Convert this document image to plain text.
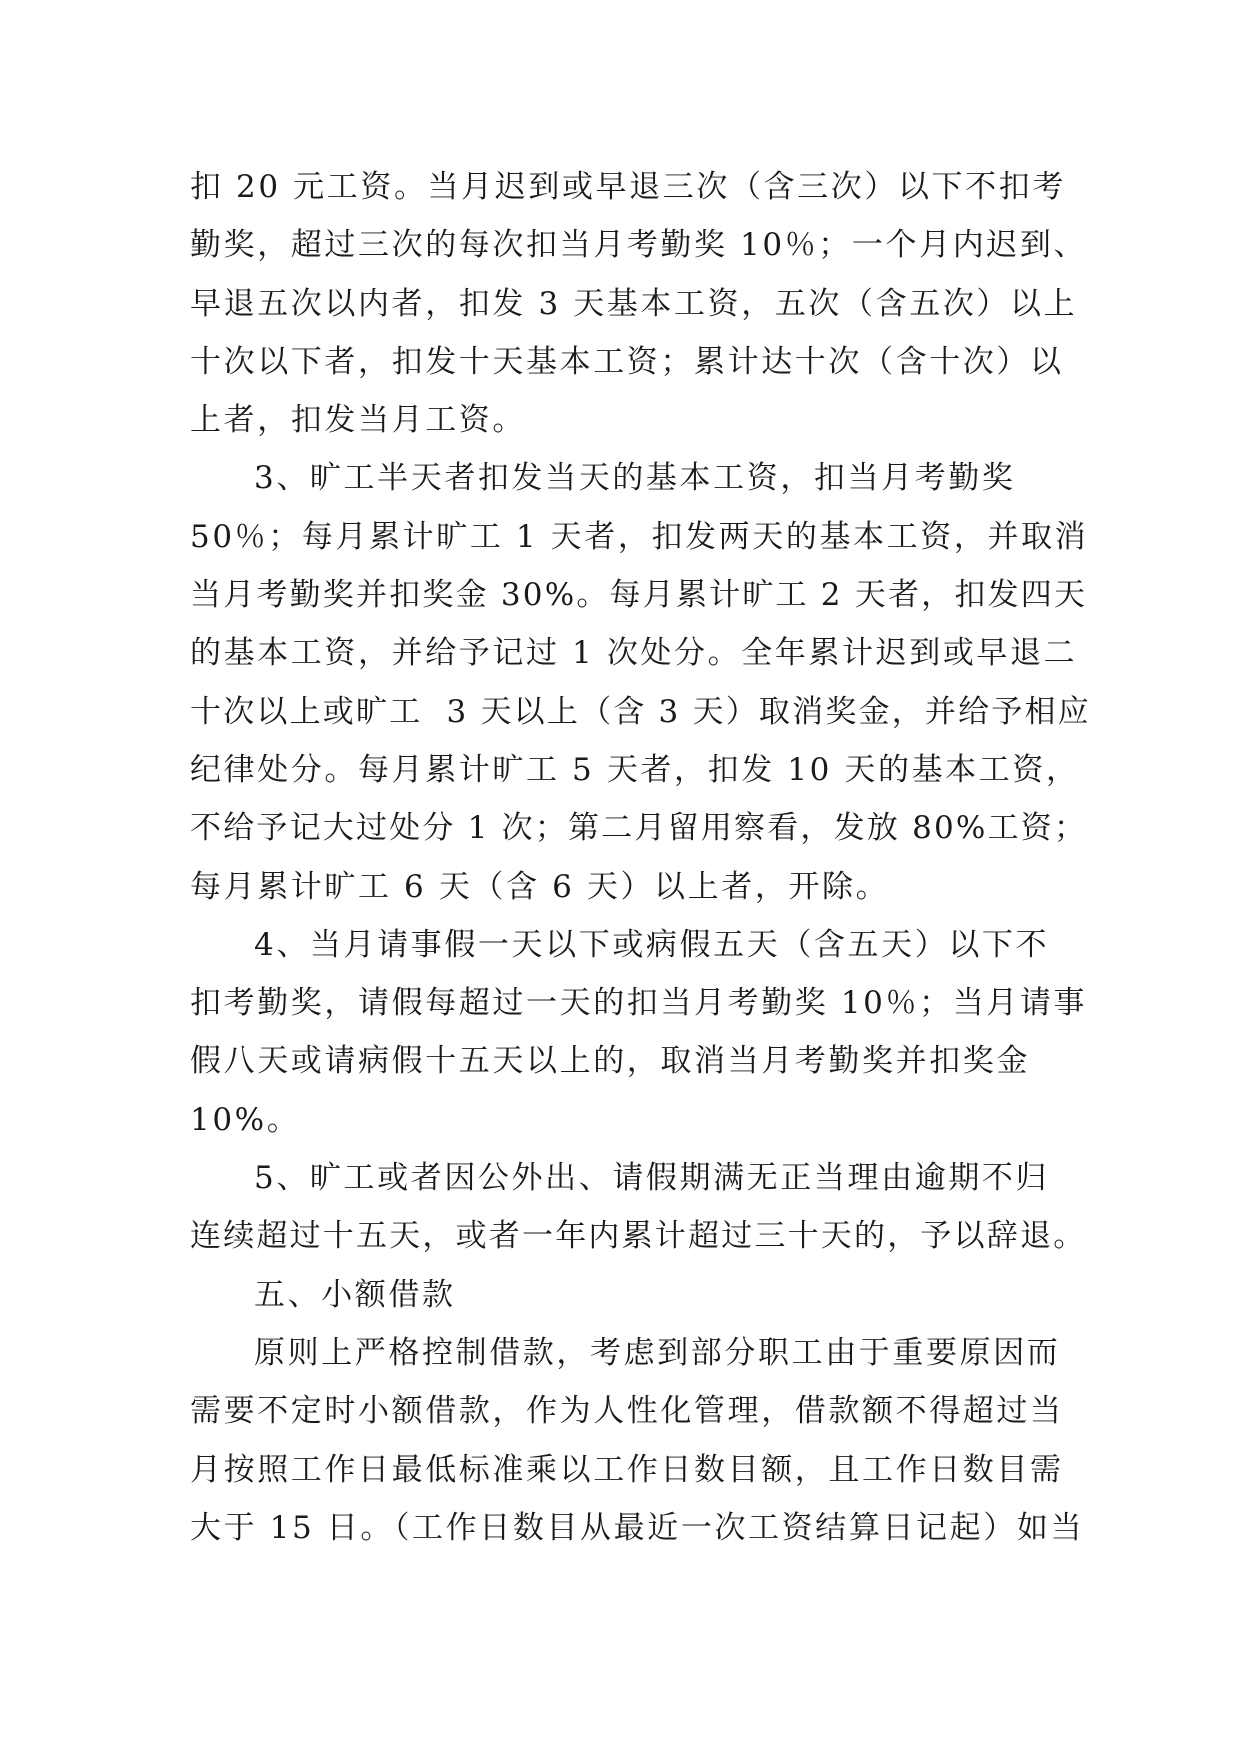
扣 20 元工资。当月迟到或早退三次（含三次）以下不扣考
勤奖，超过三次的每次扣当月考勤奖 10％；一个月内迟到、
早退五次以内者，扣发 3 天基本工资，五次（含五次）以上
十次以下者，扣发十天基本工资；累计达十次（含十次）以
上者，扣发当月工资。
3、旷工半天者扣发当天的基本工资，扣当月考勤奖
50％；每月累计旷工 1 天者，扣发两天的基本工资，并取消
当月考勤奖并扣奖金 30%。每月累计旷工 2 天者，扣发四天
的基本工资，并给予记过 1 次处分。全年累计迟到或早退二
十次以上或旷工  3 天以上（含 3 天）取消奖金，并给予相应
纪律处分。每月累计旷工 5 天者，扣发 10 天的基本工资，
不给予记大过处分 1 次；第二月留用察看，发放 80%工资；
每月累计旷工 6 天（含 6 天）以上者，开除。
4、当月请事假一天以下或病假五天（含五天）以下不
扣考勤奖，请假每超过一天的扣当月考勤奖 10％；当月请事
假八天或请病假十五天以上的，取消当月考勤奖并扣奖金
10%。
5、旷工或者因公外出、请假期满无正当理由逾期不归
连续超过十五天，或者一年内累计超过三十天的，予以辞退。
五、小额借款
原则上严格控制借款，考虑到部分职工由于重要原因而
需要不定时小额借款，作为人性化管理，借款额不得超过当
月按照工作日最低标准乘以工作日数目额，且工作日数目需
大于 15 日。（工作日数目从最近一次工资结算日记起）如当
